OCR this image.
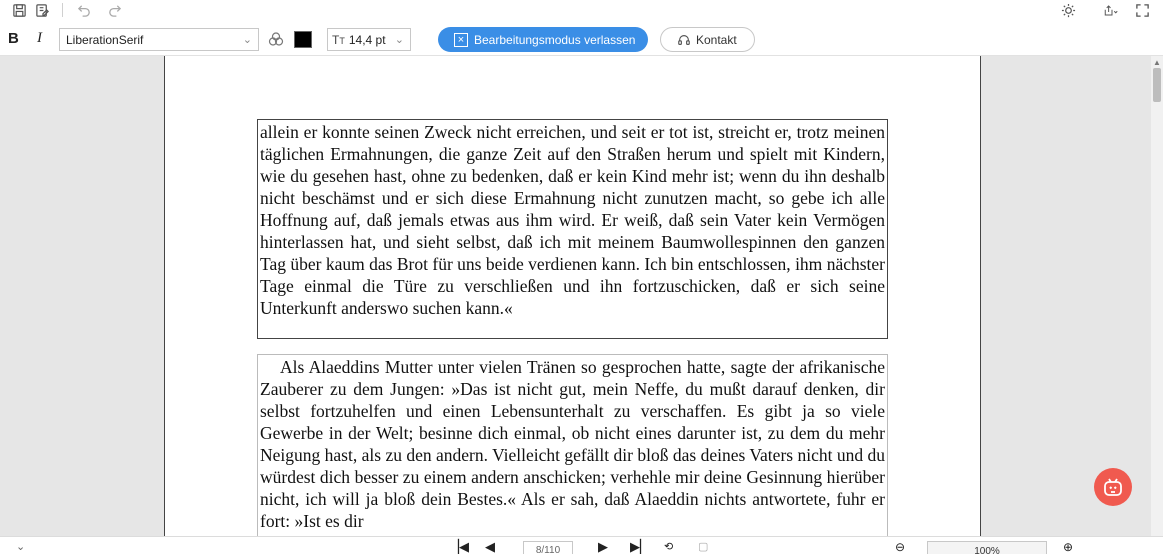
B I	LiberationSerif	⌄	TT 14,4 pt ⌄	× Bearbeitungsmodus verlassen	Kontakt
allein er konnte seinen Zweck nicht erreichen, und seit er tot ist, streicht er, trotz meinen täglichen Ermahnungen, die ganze Zeit auf den Straßen herum und spielt mit Kindern, wie du gesehen hast, ohne zu bedenken, daß er kein Kind mehr ist; wenn du ihn deshalb nicht beschämst und er sich diese Ermahnung nicht zunutzen macht, so gebe ich alle Hoffnung auf, daß jemals etwas aus ihm wird. Er weiß, daß sein Vater kein Vermögen hinterlassen hat, und sieht selbst, daß ich mit meinem Baumwollespinnen den ganzen Tag über kaum das Brot für uns beide verdienen kann. Ich bin entschlossen, ihm nächster Tage einmal die Türe zu verschließen und ihn fortzuschicken, daß er sich seine Unterkunft anderswo suchen kann.«
Als Alaeddins Mutter unter vielen Tränen so gesprochen hatte, sagte der afrikanische Zauberer zu dem Jungen: »Das ist nicht gut, mein Neffe, du mußt darauf denken, dir selbst fortzuhelfen und einen Lebensunterhalt zu verschaffen. Es gibt ja so viele Gewerbe in der Welt; besinne dich einmal, ob nicht eines darunter ist, zu dem du mehr Neigung hast, als zu den andern. Vielleicht gefällt dir bloß das deines Vaters nicht und du würdest dich besser zu einem andern anschicken; verhehle mir deine Gesinnung hierüber nicht, ich will ja bloß dein Bestes.« Als er sah, daß Alaeddin nichts antwortete, fuhr er fort: »Ist es dir
▲
⌄	▕◀ ◀	8/110	▶ ▶▏ ⟲ ▢	⊖	100%	⊕
